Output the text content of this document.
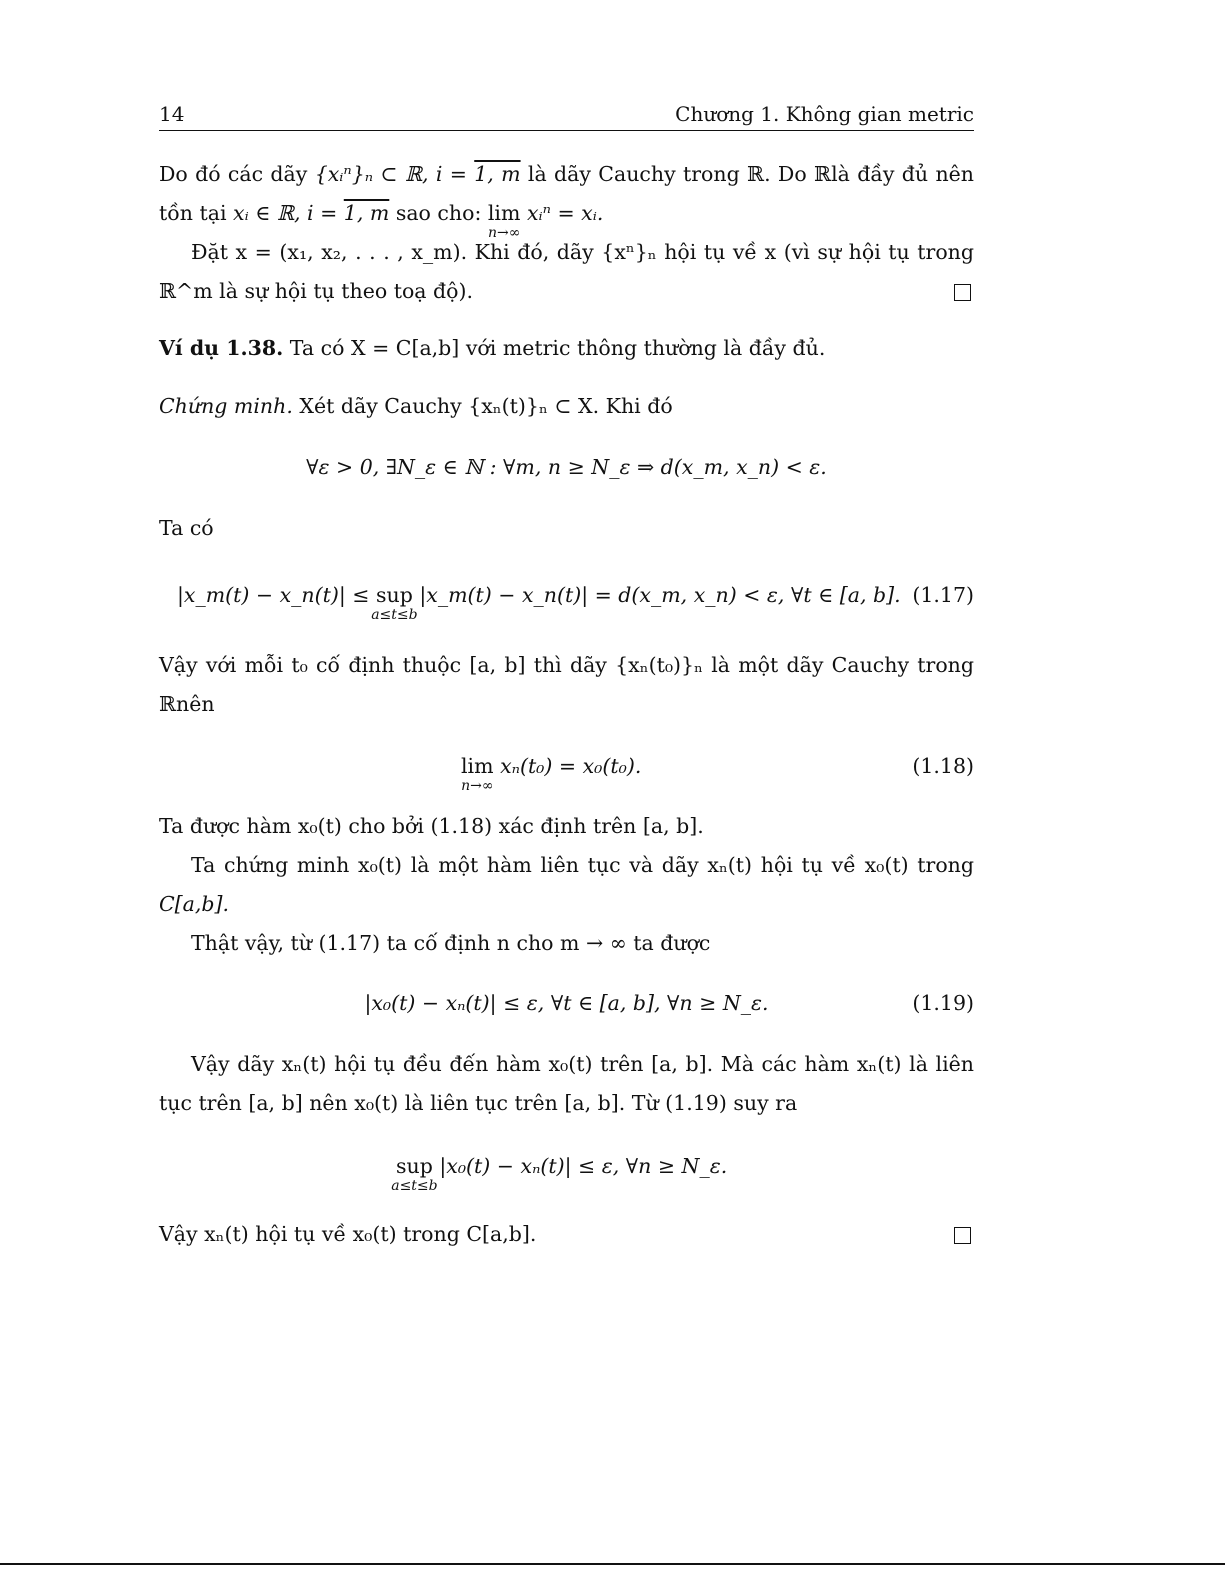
14	Chương 1. Không gian metric
Do đó các dãy {xᵢⁿ}ₙ ⊂ ℝ, i = 1, m là dãy Cauchy trong ℝ. Do ℝlà đầy đủ nên
tồn tại xᵢ ∈ ℝ, i = 1, m sao cho: lim
n→∞
xᵢⁿ = xᵢ.
Đặt x = (x₁, x₂, . . . , x_m). Khi đó, dãy {xⁿ}ₙ hội tụ về x (vì sự hội tụ trong
ℝ^m là sự hội tụ theo toạ độ).
Ví dụ 1.38. Ta có X = C[a,b] với metric thông thường là đầy đủ.
Chứng minh. Xét dãy Cauchy {xₙ(t)}ₙ ⊂ X. Khi đó
∀ε > 0, ∃N_ε ∈ ℕ : ∀m, n ≥ N_ε ⇒ d(x_m, x_n) < ε.
Ta có
|x_m(t) − x_n(t)| ≤ sup
a≤t≤b
|x_m(t) − x_n(t)| = d(x_m, x_n) < ε, ∀t ∈ [a, b]. (1.17)
Vậy với mỗi t₀ cố định thuộc [a, b] thì dãy {xₙ(t₀)}ₙ là một dãy Cauchy trong
ℝnên
lim
n→∞
xₙ(t₀) = x₀(t₀).	(1.18)
Ta được hàm x₀(t) cho bởi (1.18) xác định trên [a, b].
Ta chứng minh x₀(t) là một hàm liên tục và dãy xₙ(t) hội tụ về x₀(t) trong
C[a,b].
Thật vậy, từ (1.17) ta cố định n cho m → ∞ ta được
|x₀(t) − xₙ(t)| ≤ ε, ∀t ∈ [a, b], ∀n ≥ N_ε.	(1.19)
Vậy dãy xₙ(t) hội tụ đều đến hàm x₀(t) trên [a, b]. Mà các hàm xₙ(t) là liên
tục trên [a, b] nên x₀(t) là liên tục trên [a, b]. Từ (1.19) suy ra
sup
a≤t≤b
|x₀(t) − xₙ(t)| ≤ ε, ∀n ≥ N_ε.
Vậy xₙ(t) hội tụ về x₀(t) trong C[a,b].
